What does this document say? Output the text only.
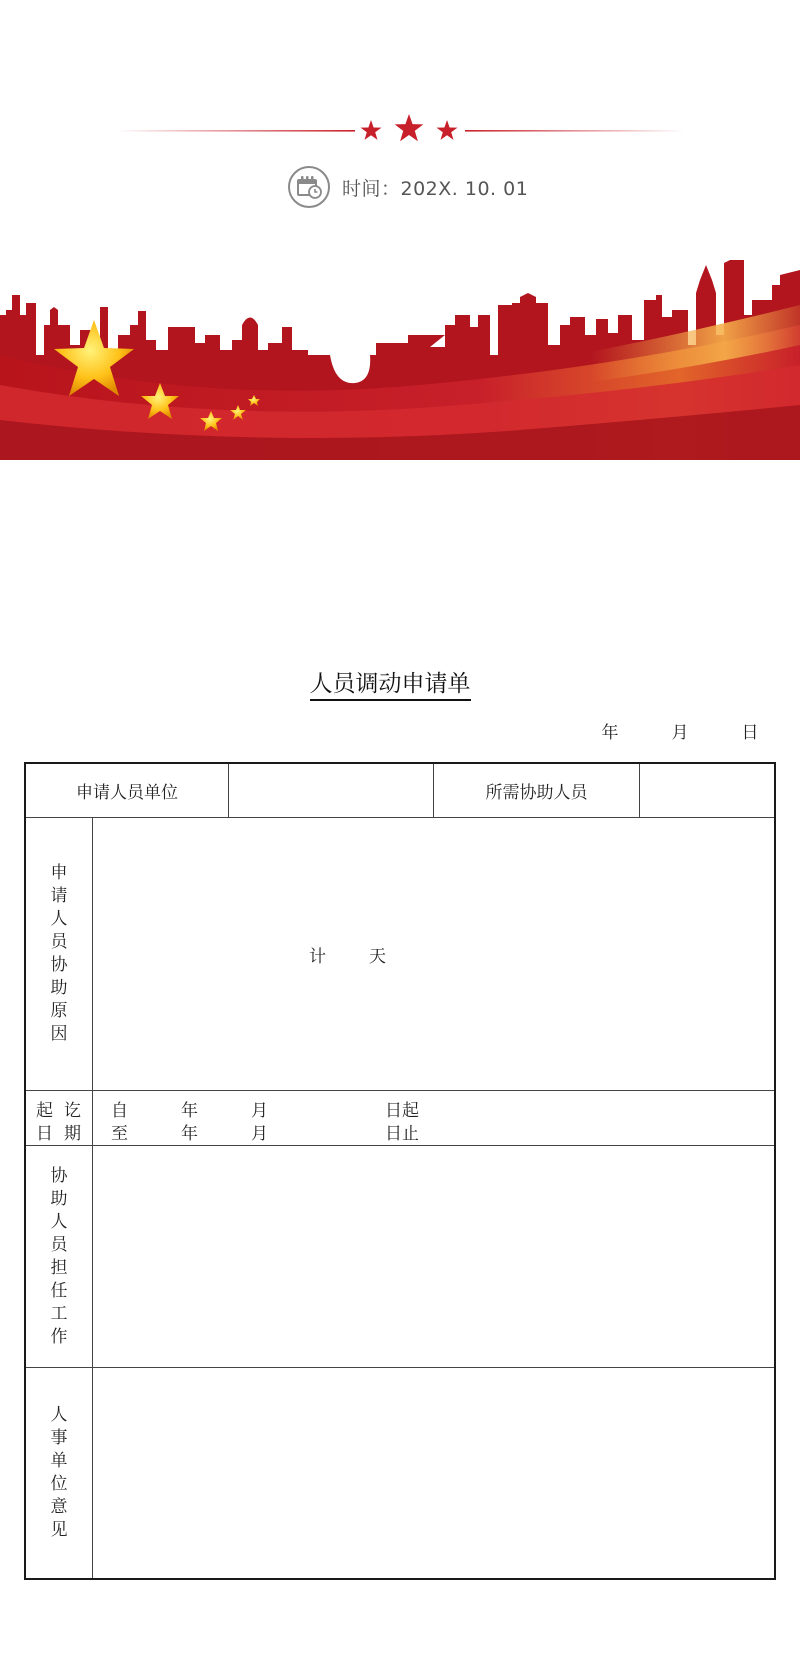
时间：202X. 10. 01
人员调动申请单
年	月	日
申请人员单位	所需协助人员
申
请
人
员
协
助
原
因
计	天
起 讫
日 期
自	年	月	日起
至	年	月	日止
协
助
人
员
担
任
工
作
人
事
单
位
意
见
